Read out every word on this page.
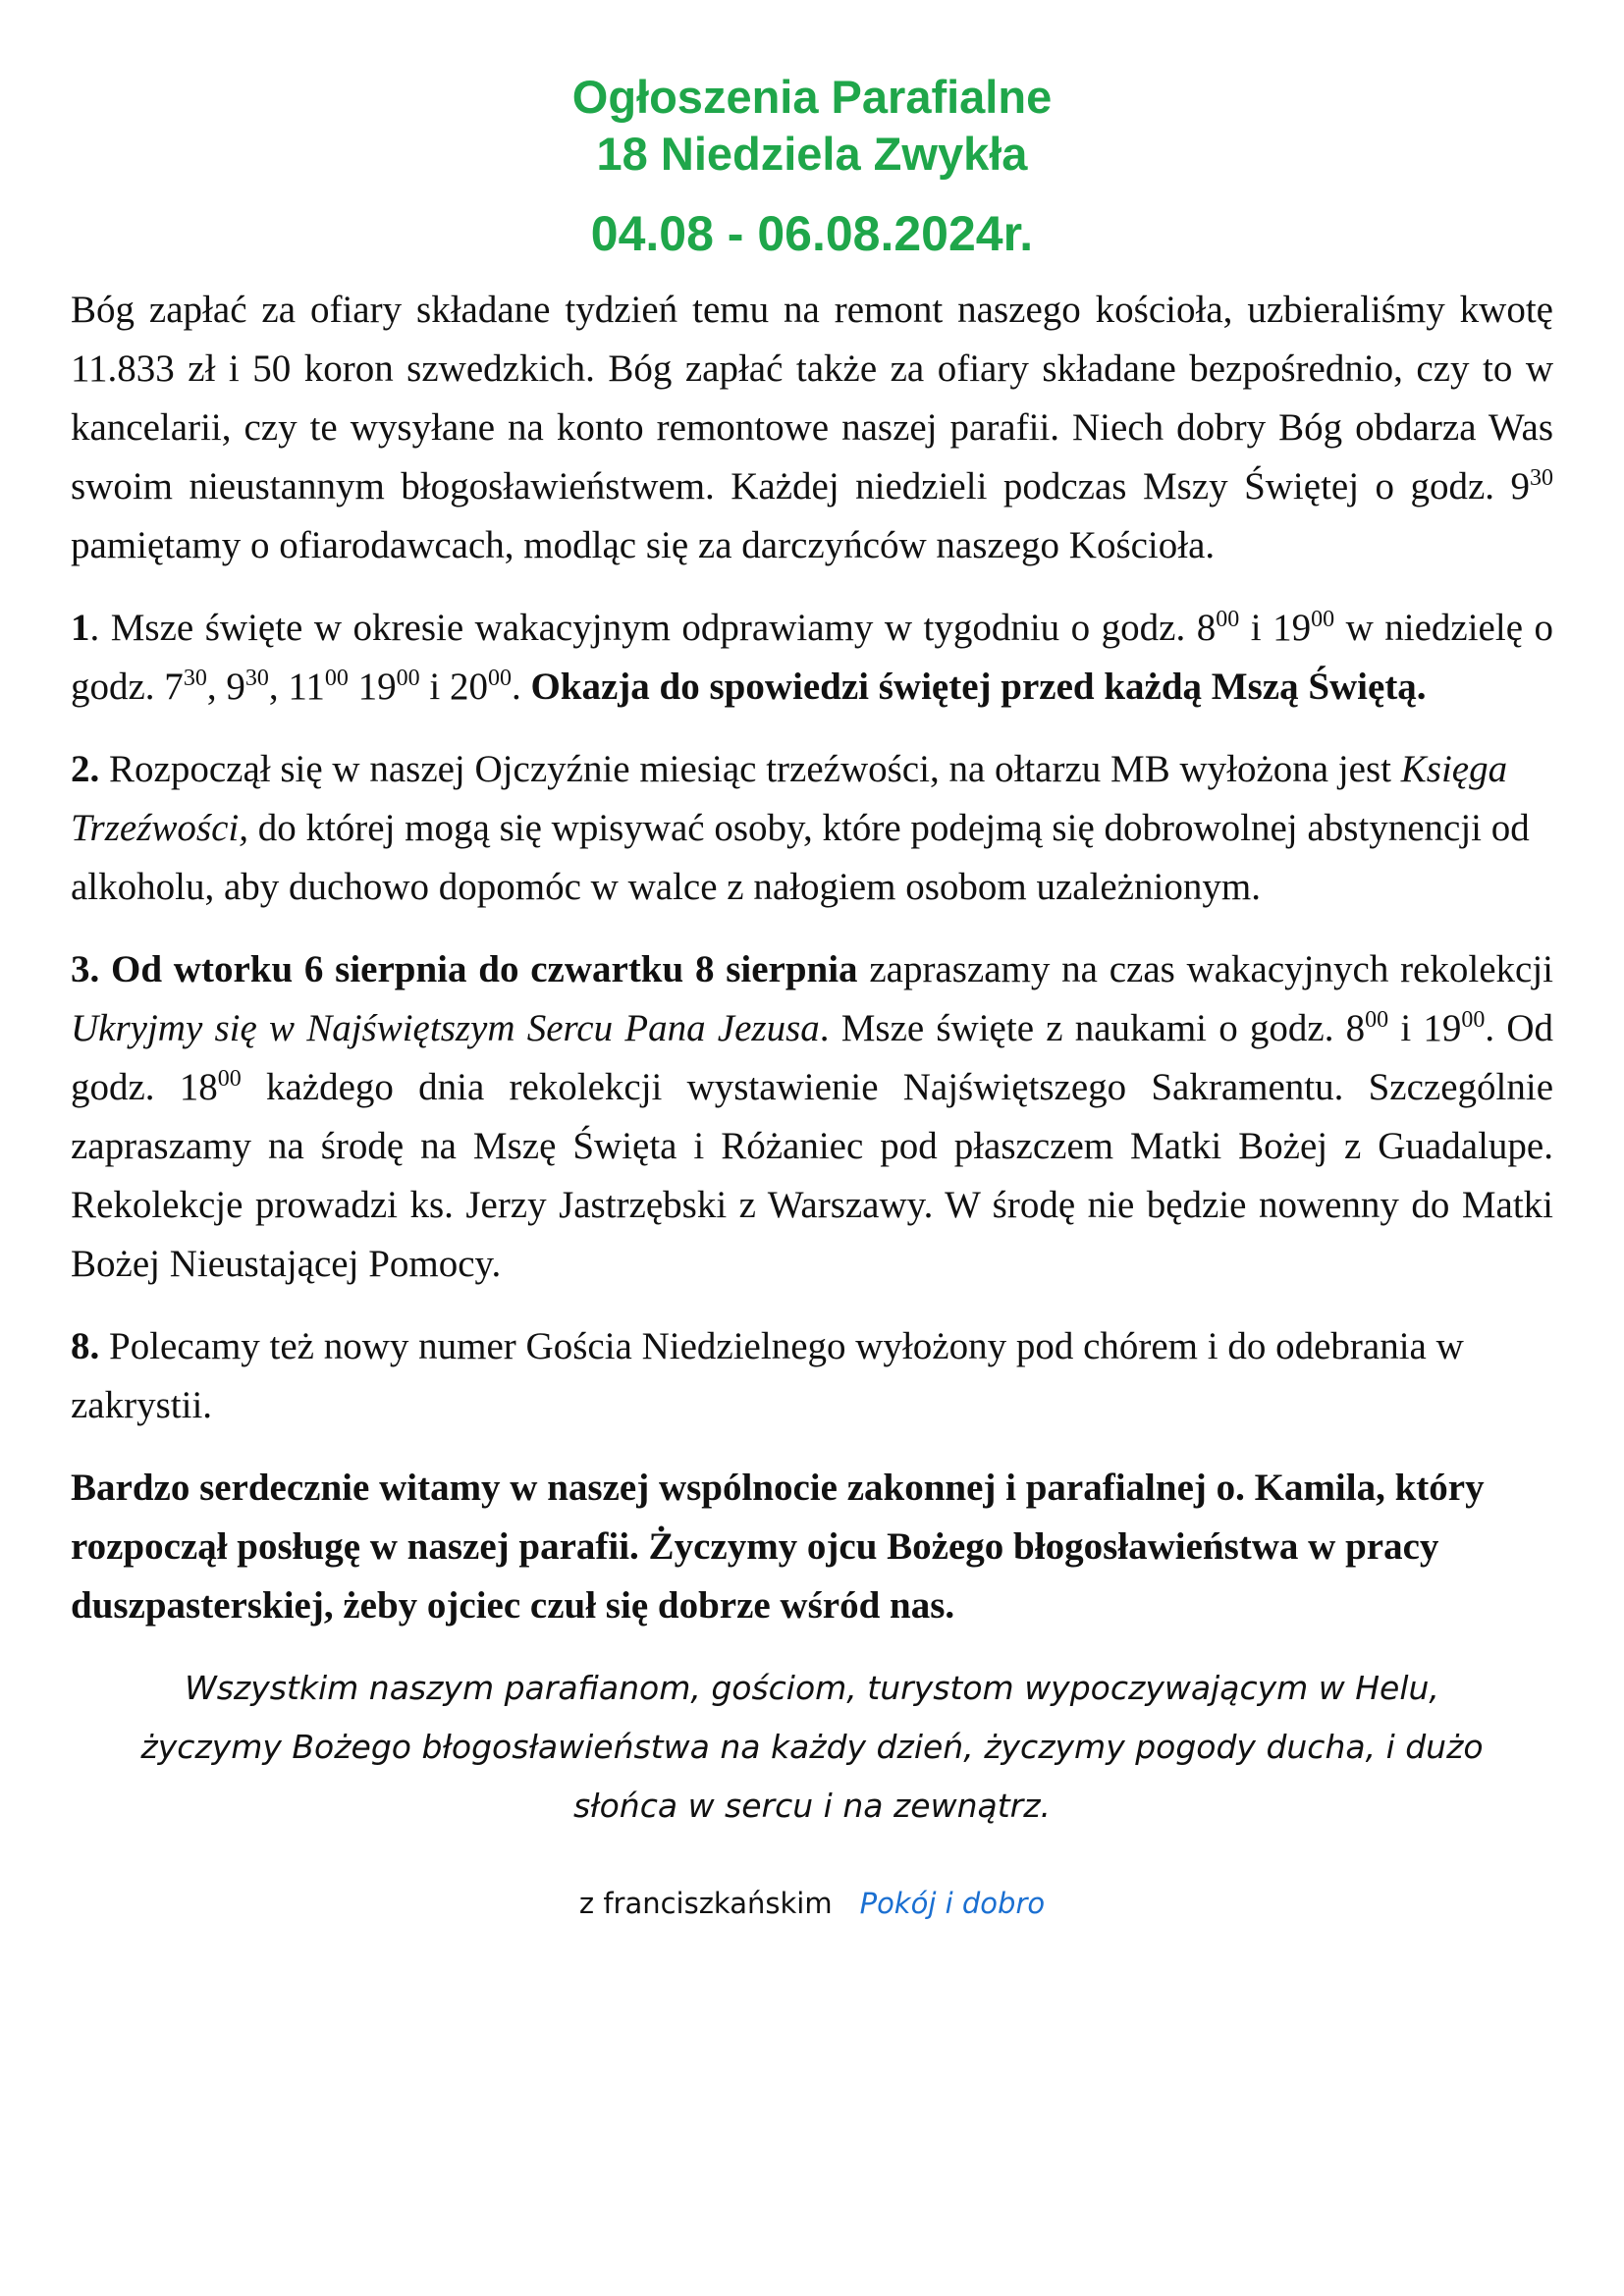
Ogłoszenia Parafialne
18 Niedziela Zwykła

04.08 - 06.08.2024r.

Bóg zapłać za ofiary składane tydzień temu na remont naszego kościoła, uzbieraliśmy kwotę 11.833 zł i 50 koron szwedzkich. Bóg zapłać także za ofiary składane bezpośrednio, czy to w kancelarii, czy te wysyłane na konto remontowe naszej parafii. Niech dobry Bóg obdarza Was swoim nieustannym błogosławieństwem. Każdej niedzieli podczas Mszy Świętej o godz. $9^{30}$ pamiętamy o ofiarodawcach, modląc się za darczyńców naszego Kościoła.

1. Msze święte w okresie wakacyjnym odprawiamy w tygodniu o godz. $8^{00}$ i $19^{00}$ w niedzielę o godz. $7^{30}$, $9^{30}$, $11^{00}$ $19^{00}$ i $20^{00}$. Okazja do spowiedzi świętej przed każdą Mszą Świętą.

2. Rozpoczął się w naszej Ojczyźnie miesiąc trzeźwości, na ołtarzu MB wyłożona jest Księga Trzeźwości, do której mogą się wpisywać osoby, które podejmą się dobrowolnej abstynencji od alkoholu, aby duchowo dopomóc w walce z nałogiem osobom uzależnionym.

3. Od wtorku 6 sierpnia do czwartku 8 sierpnia zapraszamy na czas wakacyjnych rekolekcji Ukryjmy się w Najświętszym Sercu Pana Jezusa. Msze święte z naukami o godz. $8^{00}$ i $19^{00}$. Od godz. $18^{00}$ każdego dnia rekolekcji wystawienie Najświętszego Sakramentu. Szczególnie zapraszamy na środę na Mszę Święta i Różaniec pod płaszczem Matki Bożej z Guadalupe. Rekolekcje prowadzi ks. Jerzy Jastrzębski z Warszawy. W środę nie będzie nowenny do Matki Bożej Nieustającej Pomocy.

8. Polecamy też nowy numer Gościa Niedzielnego wyłożony pod chórem i do odebrania w zakrystii.

Bardzo serdecznie witamy w naszej wspólnocie zakonnej i parafialnej o. Kamila, który rozpoczął posługę w naszej parafii. Życzymy ojcu Bożego błogosławieństwa w pracy duszpasterskiej, żeby ojciec czuł się dobrze wśród nas.

Wszystkim naszym parafianom, gościom, turystom wypoczywającym w Helu,
życzymy Bożego błogosławieństwa na każdy dzień, życzymy pogody ducha, i dużo
słońca w sercu i na zewnątrz.

z franciszkańskim Pokój i dobro
